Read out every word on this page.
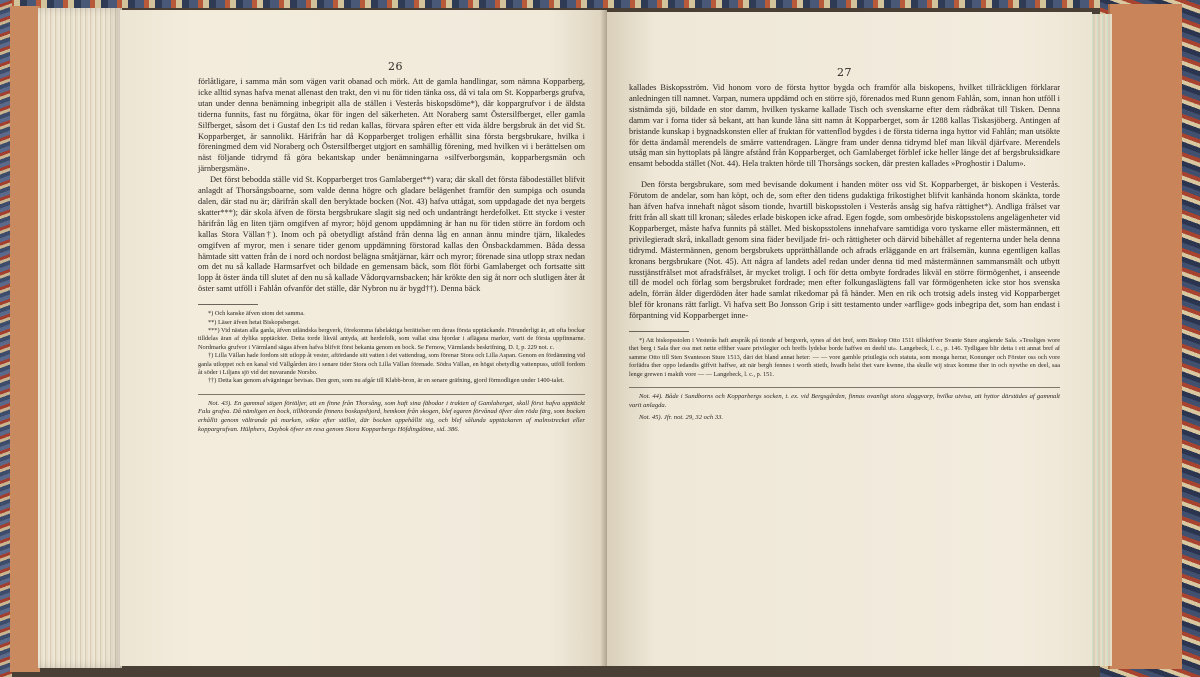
26

förlåtligare, i samma mån som vägen varit obanad och mörk. Att de gamla handlingar, som nämna Kopparberg, icke alltid synas hafva menat allenast den trakt, den vi nu för tiden tänka oss, då vi tala om St. Kopparbergs grufva, utan under denna benämning inbegripit alla de ställen i Vesterås biskopsdöme*), där koppargrufvor i de äldsta tiderna funnits, fast nu förgätna, ökar för ingen del säkerheten. Att Noraberg samt Östersilfberget, eller gamla Silfberget, såsom det i Gustaf den I:s tid redan kallas, förvara spåren efter ett vida äldre bergsbruk än det vid St. Kopparberget, är sannolikt. Härifrån har då Kopparberget troligen erhållit sina första bergsbrukare, hvilka i föreningmed dem vid Noraberg och Östersilfberget utgjort en samhällig förening, med hvilken vi i berättelsen om näst följande tidrymd få göra bekantskap under benämningarna »silfverborgsmän, kopparbergsmän och järnbergsmän».

Det först bebodda ställe vid St. Kopparberget tros Gamlaberget**) vara; där skall det första fäbodestället blifvit anlagdt af Thorsångsboarne, som valde denna högre och gladare belägenhet framför den sumpiga och osunda dalen, där stad nu är; därifrån skall den beryktade bocken (Not. 43) hafva uttågat, som uppdagade det nya bergets skatter***); där skola äfven de första bergsbrukare slagit sig ned och undanträngt herdefolket. Ett stycke i vester härifrån låg en liten tjärn omgifven af myror; höjd genom uppdämning är han nu för tiden större än fordom och kallas Stora Vällan†). Inom och på obetydligt afstånd från denna låg en annan ännu mindre tjärn, likaledes omgifven af myror, men i senare tider genom uppdämning förstorad kallas den Önsbackdammen. Båda dessa hämtade sitt vatten från de i nord och nordost belägna småtjärnar, kärr och myror; förenade sina utlopp strax nedan om det nu så kallade Harmsarfvet och bildade en gemensam bäck, som flöt förbi Gamlaberget och fortsatte sitt lopp åt öster ända till slutet af den nu så kallade Vådorqvarnsbacken; här krökte den sig åt norr och slutligen åter åt öster samt utföll i Fahlån ofvanför det ställe, där Nybron nu är bygd††). Denna bäck

*) Och kanske äfven utom det samma.

**) Läser äfven hetat Biskopsberget.

***) Vid nästan alla ganla, äfven utländska bergverk, förekomma fabelaktiga berättelser om deras första upptäckande. Förunderligt är, att ofta bockar tilldelas äran af dylika upptäckter. Detta torde likväl antyda, att herdefolk, som vallat sina hjordar i aflägsna marker, varit de första uppfinnarne. Nordmarks grufvor i Värmland sägas äfven hafva blifvit först bekanta genom en bock. Se Fernow, Värmlands beskrifning, D. I, p. 229 not. c.

†) Lilla Vällan hade fordom sitt utlopp åt vester, aftördande sitt vatten i det vattendrag, som förenar Stora och Lilla Aspan. Genom en fördämning vid ganla utloppet och en kanal vid Vällgården äro i senare tider Stora och Lilla Vällan förenade. Södra Vällan, en högst obetydlig vattenpuss, utföll fordom åt söder i Liljans sjö vid det nuvarande Norsbo.

††) Detta kan genom afvägningar bevisas. Den gren, som nu afgår till Klabb-bron, är en senare gräfning, gjord förmodligen under 1400-talet.

Not. 43). En gammal sägen förtäljer, att en finne från Thorsång, som haft sina fäbodar i trakten af Gamlaberget, skall först hafva upptäckt Falu grufva. Då nämligen en bock, tillhörande finnens boskapshjord, hemkom från skogen, blef egaren förvånad öfver den röda färg, som bocken erhållit genom vältrande på marken, sökte efter stället, där bocken uppehållit sig, och blef sålunda upptäckaren af malmstrecket eller koppargrufvan. Hülphers, Daybok öfver en resa genom Stora Kopparbergs Höfdingdöme, sid. 386.

27

kallades Biskopsström. Vid honom voro de första hyttor bygda och framför alla biskopens, hvilket tillräckligen förklarar anledningen till namnet. Varpan, numera uppdämd och en större sjö, förenados med Runn genom Fahlån, som, innan hon utföll i sistnämda sjö, bildade en stor damm, hvilken tyskarne kallade Tisch och svenskarne efter dem rådbråkat till Tisken. Denna damm var i forna tider så bekant, att han kunde låna sitt namn åt Kopparberget, som år 1288 kallas Tiskasjöberg. Antingen af bristande kunskap i bygnadskonsten eller af fruktan för vattenflod bygdes i de första tiderna inga hyttor vid Fahlån; man utsökte för detta ändamål merendels de smärre vattendragen. Längre fram under denna tidrymd blef man likväl djärfvare. Merendels utsåg man sin hyttoplats på längre afstånd från Kopparberget, och Gamlaberget förblef icke heller länge det af bergsbruksidkare ensamt bebodda stället (Not. 44). Hela trakten hörde till Thorsångs socken, där presten kallades »Proghostir i Dalum».

Den första bergsbrukare, som med bevisande dokument i handen möter oss vid St. Kopparberget, är biskopen i Vesterås. Förutom de andelar, som han köpt, och de, som efter den tidens gudaktiga frikostighet blifvit kanhända honom skänkta, torde han äfven hafva innehaft något såsom tionde, hvartill biskopsstolen i Vesterås ansåg sig hafva rättighet*). Andliga frälset var fritt från all skatt till kronan; således erlade biskopen icke afrad. Egen fogde, som ombesörjde biskopsstolens angelägenheter vid Kopparberget, måste hafva funnits på stället. Med biskopsstolens innehafvare samtidiga voro tyskarne eller mästermännen, ett privilegieradt skrå, inkalladt genom sina fäder beviljade fri- och rättigheter och därvid bibehållet af regenterna under hela denna tidrymd. Mästermännen, genom bergsbrukets upprätthållande och afrads erläggande en art frälsemän, kunna egentligen kallas kronans bergsbrukare (Not. 45). Att några af landets adel redan under denna tid med mästermännen sammansmält och utbytt russtjänstfrälset mot afradsfrälset, är mycket troligt. I och för detta ombyte fordrades likväl en större förmögenhet, i anseende till de model och förlag som bergsbruket fordrade; men efter folkungaslägtens fall var förmögenheten icke stor hos svenska adeln, förrän ålder digerdöden åter hade samlat rikedomar på få händer. Men en rik och trotsig adels insteg vid Kopparberget blef för kronans rätt farligt. Vi hafva sett Bo Jonsson Grip i sitt testamento under »arflige» gods inbegripa det, som han endast i förpantning vid Kopparberget inne-

*) Att biskopsstolen i Vesterås haft anspråk på tionde af bergverk, synes af det bref, som Biskop Otto 1511 tillskrifver Svante Sture angående Sala. »Tessliges wore thet berg i Sala ther oss met rætte effther vaare privilegier och breffs lydelse borde haffwe en deehl ut». Langebeck, l. c., p. 146. Tydligare blir detta i ett annat bref af samme Otto till Sten Svanteson Sture 1513, däri det bland annat heter: — — vore gamble priuilegia och statuta, som monga herrar, Konunger och Förster oss och vore forfädra ther oppo ledandis giffvit haffwe, att när bergh fennes i worth stieth, hvadh helst thet vare kwnne, tha skulle wij strax komme ther in och nywthe en deel, saa lenge grewen i makth vore — — Langebeck, l. c., p. 151.

Not. 44). Både i Sundborns och Kopparbergs socken, t. ex. vid Bergsgården, finnas ovanligt stora slaggvarp, hvilka utvisa, att hyttor därstädes af gammalt varit anlagda.

Not. 45). Jfr. not. 29, 32 och 33.
